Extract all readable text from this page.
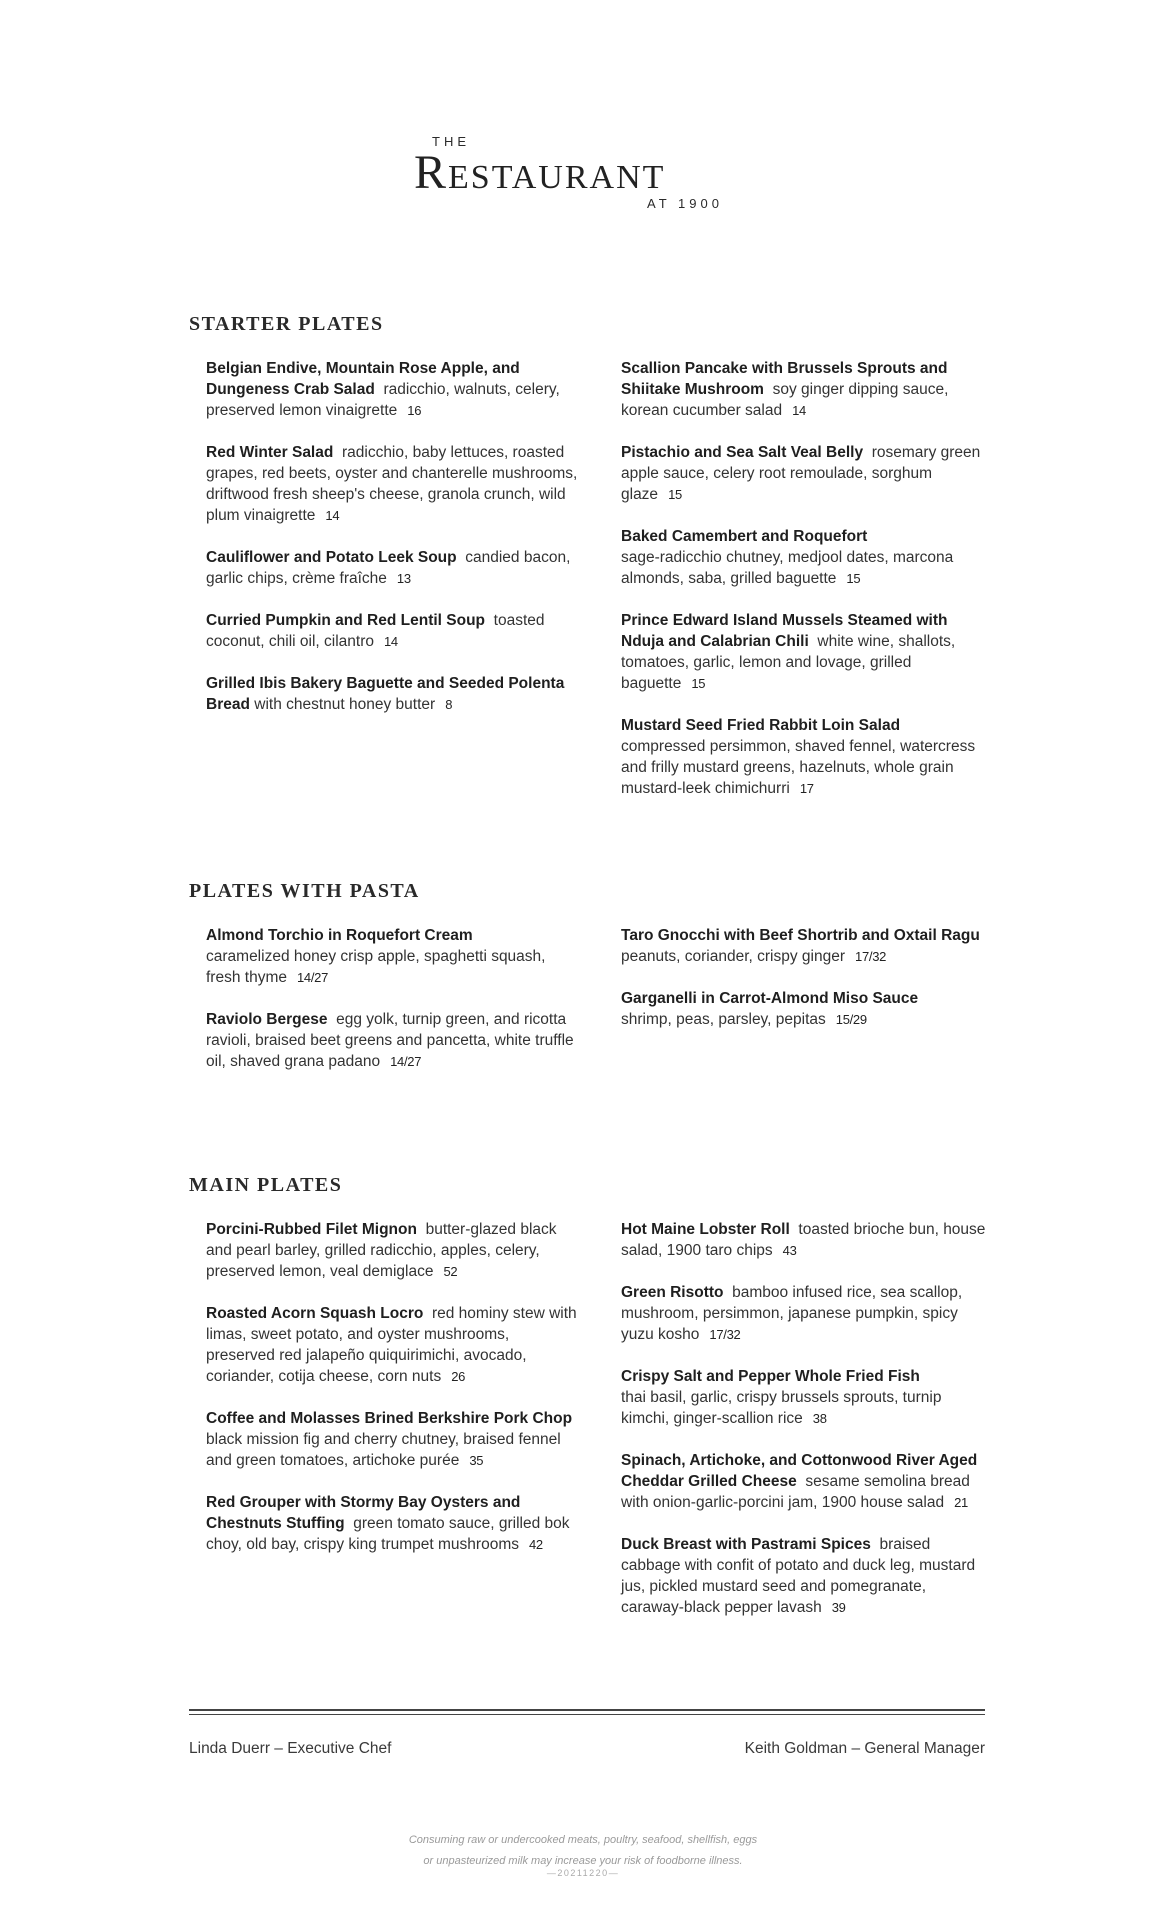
THE
RESTAURANT
AT 1900
STARTER PLATES
Belgian Endive, Mountain Rose Apple, and Dungeness Crab Salad radicchio, walnuts, celery, preserved lemon vinaigrette 16
Red Winter Salad radicchio, baby lettuces, roasted grapes, red beets, oyster and chanterelle mushrooms, driftwood fresh sheep's cheese, granola crunch, wild plum vinaigrette 14
Cauliflower and Potato Leek Soup candied bacon, garlic chips, crème fraîche 13
Curried Pumpkin and Red Lentil Soup toasted coconut, chili oil, cilantro 14
Grilled Ibis Bakery Baguette and Seeded Polenta Bread with chestnut honey butter 8
Scallion Pancake with Brussels Sprouts and Shiitake Mushroom soy ginger dipping sauce, korean cucumber salad 14
Pistachio and Sea Salt Veal Belly rosemary green apple sauce, celery root remoulade, sorghum glaze 15
Baked Camembert and Roquefort
sage-radicchio chutney, medjool dates, marcona almonds, saba, grilled baguette 15
Prince Edward Island Mussels Steamed with Nduja and Calabrian Chili white wine, shallots, tomatoes, garlic, lemon and lovage, grilled baguette 15
Mustard Seed Fried Rabbit Loin Salad
compressed persimmon, shaved fennel, watercress and frilly mustard greens, hazelnuts, whole grain mustard-leek chimichurri 17
PLATES WITH PASTA
Almond Torchio in Roquefort Cream
caramelized honey crisp apple, spaghetti squash, fresh thyme 14/27
Raviolo Bergese egg yolk, turnip green, and ricotta ravioli, braised beet greens and pancetta, white truffle oil, shaved grana padano 14/27
Taro Gnocchi with Beef Shortrib and Oxtail Ragu  peanuts, coriander, crispy ginger 17/32
Garganelli in Carrot-Almond Miso Sauce
shrimp, peas, parsley, pepitas 15/29
MAIN PLATES
Porcini-Rubbed Filet Mignon butter-glazed black and pearl barley, grilled radicchio, apples, celery, preserved lemon, veal demiglace 52
Roasted Acorn Squash Locro red hominy stew with limas, sweet potato, and oyster mushrooms, preserved red jalapeño quiquirimichi, avocado, coriander, cotija cheese, corn nuts 26
Coffee and Molasses Brined Berkshire Pork Chop  black mission fig and cherry chutney, braised fennel and green tomatoes, artichoke purée 35
Red Grouper with Stormy Bay Oysters and Chestnuts Stuffing green tomato sauce, grilled bok choy, old bay, crispy king trumpet mushrooms 42
Hot Maine Lobster Roll toasted brioche bun, house salad, 1900 taro chips 43
Green Risotto bamboo infused rice, sea scallop, mushroom, persimmon, japanese pumpkin, spicy yuzu kosho 17/32
Crispy Salt and Pepper Whole Fried Fish
thai basil, garlic, crispy brussels sprouts, turnip kimchi, ginger-scallion rice 38
Spinach, Artichoke, and Cottonwood River Aged Cheddar Grilled Cheese sesame semolina bread with onion-garlic-porcini jam, 1900 house salad 21
Duck Breast with Pastrami Spices braised cabbage with confit of potato and duck leg, mustard jus, pickled mustard seed and pomegranate, caraway-black pepper lavash 39
Linda Duerr – Executive Chef	Keith Goldman – General Manager
Consuming raw or undercooked meats, poultry, seafood, shellfish, eggs
or unpasteurized milk may increase your risk of foodborne illness.
—20211220—
